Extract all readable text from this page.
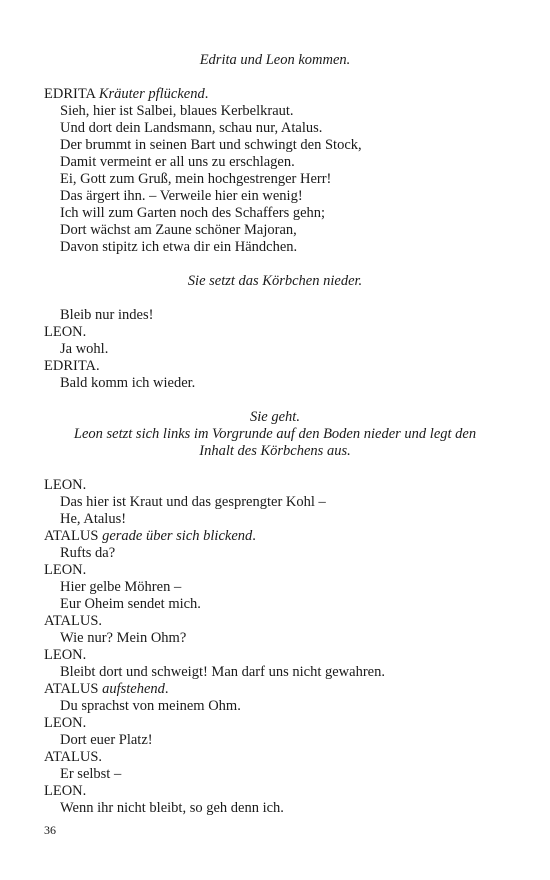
Edrita und Leon kommen.
EDRITA Kräuter pflückend.
Sieh, hier ist Salbei, blaues Kerbelkraut.
Und dort dein Landsmann, schau nur, Atalus.
Der brummt in seinen Bart und schwingt den Stock,
Damit vermeint er all uns zu erschlagen.
Ei, Gott zum Gruß, mein hochgestrenger Herr!
Das ärgert ihn. – Verweile hier ein wenig!
Ich will zum Garten noch des Schaffers gehn;
Dort wächst am Zaune schöner Majoran,
Davon stipitz ich etwa dir ein Händchen.
Sie setzt das Körbchen nieder.
Bleib nur indes!
LEON.
Ja wohl.
EDRITA.
Bald komm ich wieder.
Sie geht.
Leon setzt sich links im Vorgrunde auf den Boden nieder und legt den
Inhalt des Körbchens aus.
LEON.
Das hier ist Kraut und das gesprengter Kohl –
He, Atalus!
ATALUS gerade über sich blickend.
Rufts da?
LEON.
Hier gelbe Möhren –
Eur Oheim sendet mich.
ATALUS.
Wie nur? Mein Ohm?
LEON.
Bleibt dort und schweigt! Man darf uns nicht gewahren.
ATALUS aufstehend.
Du sprachst von meinem Ohm.
LEON.
Dort euer Platz!
ATALUS.
Er selbst –
LEON.
Wenn ihr nicht bleibt, so geh denn ich.
36
